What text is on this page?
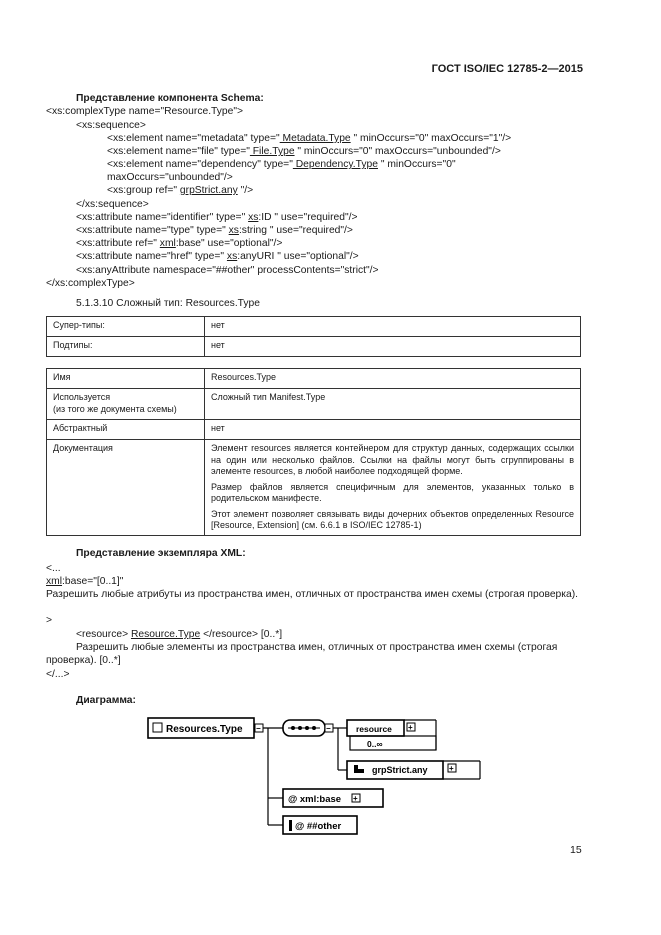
ГОСТ ISO/IEC 12785-2—2015
Представление компонента Schema:
<xs:complexType name="Resource.Type">
<xs:sequence>
<xs:element name="metadata" type=" Metadata.Type " minOccurs="0" maxOccurs="1"/>
<xs:element name="file" type=" File.Type " minOccurs="0" maxOccurs="unbounded"/>
<xs:element name="dependency" type=" Dependency.Type " minOccurs="0"
maxOccurs="unbounded"/>
<xs:group ref=" grpStrict.any "/>
</xs:sequence>
<xs:attribute name="identifier" type=" xs:ID " use="required"/>
<xs:attribute name="type" type=" xs:string " use="required"/>
<xs:attribute ref=" xml:base" use="optional"/>
<xs:attribute name="href" type=" xs:anyURI " use="optional"/>
<xs:anyAttribute namespace="##other" processContents="strict"/>
</xs:complexType>
5.1.3.10 Сложный тип: Resources.Type
Супер-типы:	нет
Подтипы:	нет
Имя	Resources.Type

Используется
(из того же документа схемы)	Сложный тип Manifest.Type
Абстрактный	нет
Документация	Элемент resources является контейнером для структур данных, содержащих ссылки на один или несколько файлов. Ссылки на файлы могут быть сгруппированы в элементе resources, в любой наиболее подходящей форме.

Размер файлов является специфичным для элементов, указанных только в родительском манифесте.

Этот элемент позволяет связывать виды дочерних объектов определенных Resource [Resource, Extension] (см. 6.6.1 в ISO/IEC 12785-1)

Представление экземпляра XML:
<...
xml:base="[0..1]"
Разрешить любые атрибуты из пространства имен, отличных от пространства имен схемы (строгая проверка).
>
<resource> Resource.Type </resource> [0..*]
Разрешить любые элементы из пространства имен, отличных от пространства имен схемы (строгая проверка). [0..*]
</...>
Диаграмма:
Resources.Type −	−	resource +
0..∞
grpStrict.any	+
@ xml:base +
@ ##other
15
